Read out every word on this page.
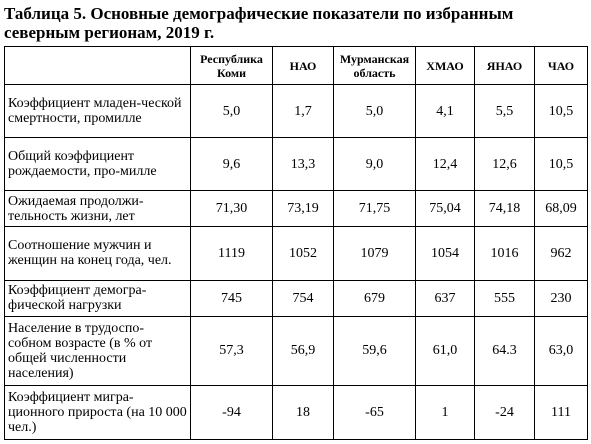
Таблица 5. Основные демографические показатели по избранным северным регионам, 2019 г.
	Республика Коми	НАО	Мурманская область	ХМАО	ЯНАО	ЧАО
Коэффициент младен-ческой смертности, промилле	5,0	1,7	5,0	4,1	5,5	10,5
Общий коэффициент рождаемости, про-милле	9,6	13,3	9,0	12,4	12,6	10,5
Ожидаемая продолжи-тельность жизни, лет	71,30	73,19	71,75	75,04	74,18	68,09
Соотношение мужчин и женщин на конец года, чел.	1119	1052	1079	1054	1016	962
Коэффициент демогра-фической нагрузки	745	754	679	637	555	230
Население в трудоспо-собном возрасте (в % от общей численности населения)	57,3	56,9	59,6	61,0	64.3	63,0
Коэффициент мигра-ционного прироста (на 10 000 чел.)	-94	18	-65	1	-24	111
